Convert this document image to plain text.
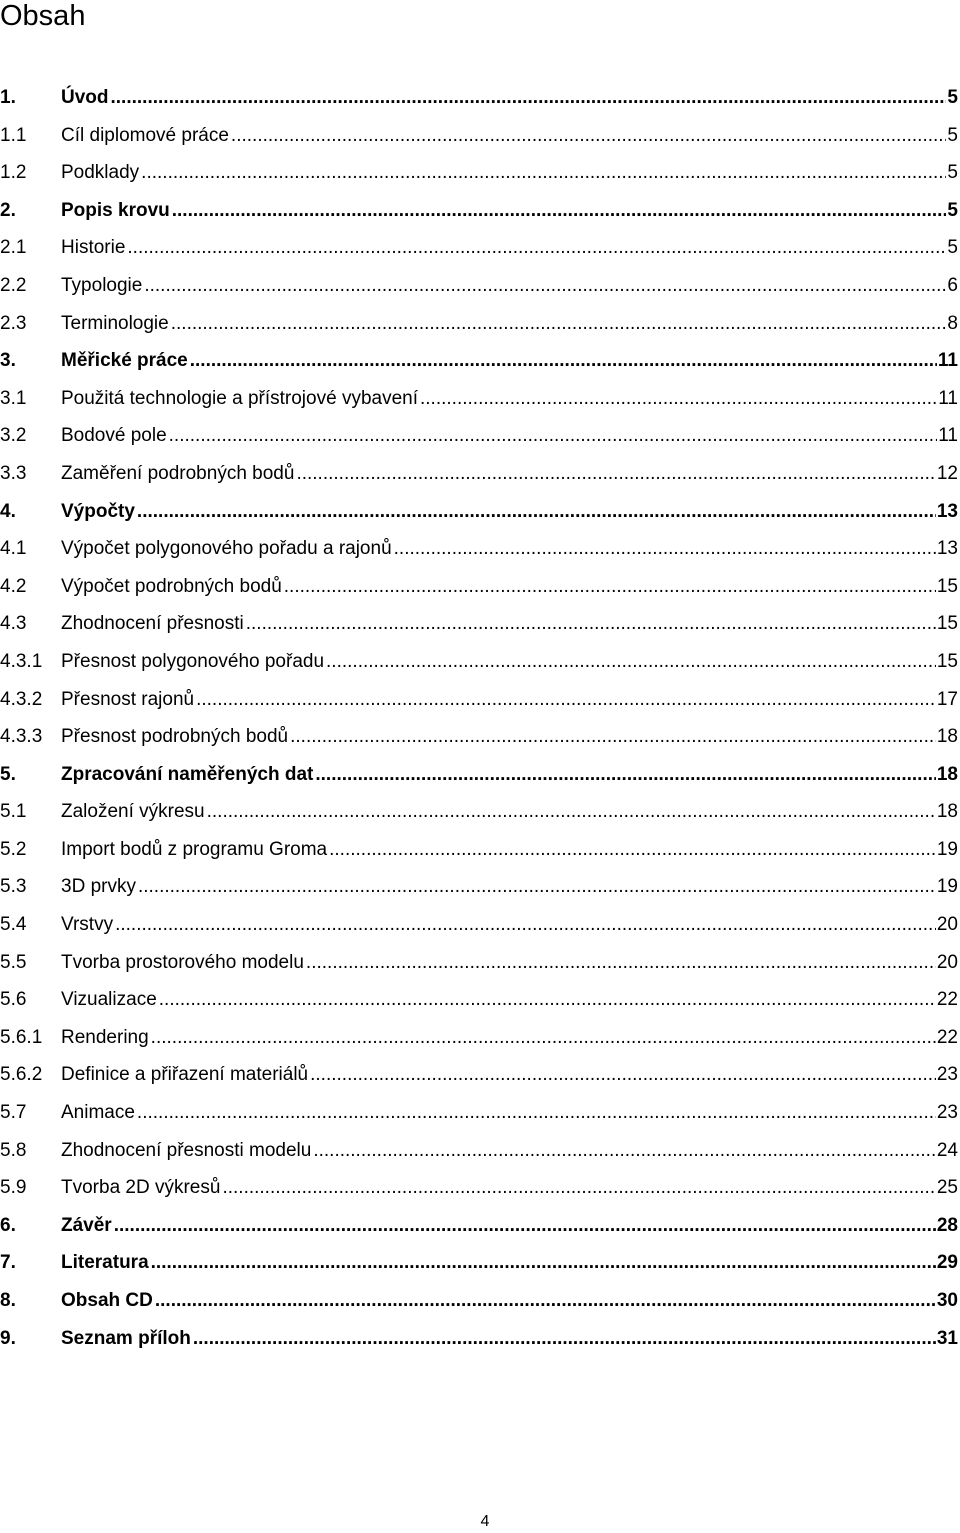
Obsah
1.	Úvod .....	5
1.1	Cíl diplomové práce .....	5
1.2	Podklady .....	5
2.	Popis krovu .....	5
2.1	Historie .....	5
2.2	Typologie .....	6
2.3	Terminologie .....	8
3.	Měřické práce .....	11
3.1	Použitá technologie a přístrojové vybavení .....	11
3.2	Bodové pole .....	11
3.3	Zaměření podrobných bodů .....	12
4.	Výpočty .....	13
4.1	Výpočet polygonového pořadu a rajonů .....	13
4.2	Výpočet podrobných bodů .....	15
4.3	Zhodnocení přesnosti .....	15
4.3.1 Přesnost polygonového pořadu .....	15
4.3.2 Přesnost rajonů .....	17
4.3.3 Přesnost podrobných bodů .....	18
5.	Zpracování naměřených dat .....	18
5.1	Založení výkresu .....	18
5.2	Import bodů z programu Groma .....	19
5.3	3D prvky .....	19
5.4	Vrstvy .....	20
5.5	Tvorba prostorového modelu .....	20
5.6	Vizualizace .....	22
5.6.1 Rendering .....	22
5.6.2 Definice a přiřazení materiálů .....	23
5.7	Animace .....	23
5.8	Zhodnocení přesnosti modelu .....	24
5.9	Tvorba 2D výkresů .....	25
6.	Závěr .....	28
7.	Literatura .....	29
8.	Obsah CD .....	30
9.	Seznam příloh .....	31
4
